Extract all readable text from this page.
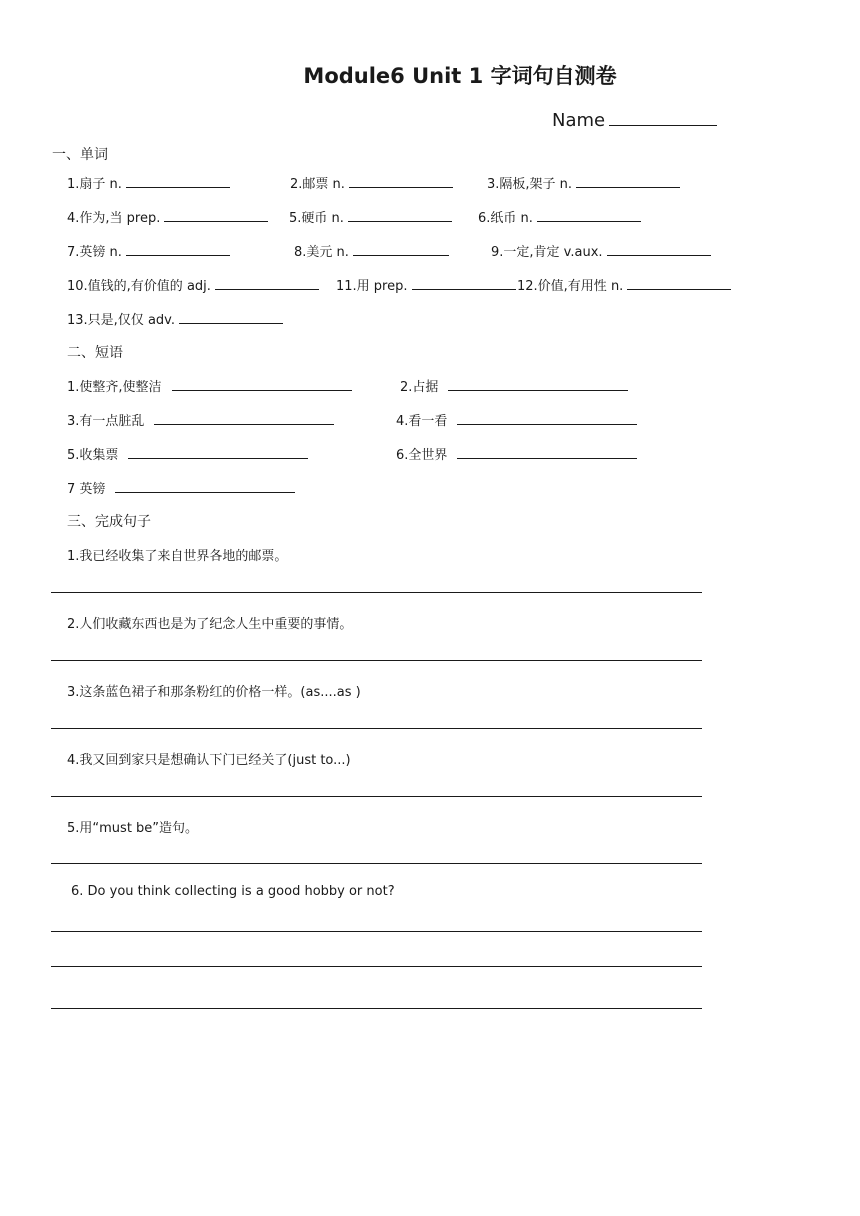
Module6 Unit 1 字词句自测卷
Name
一、单词
1.扇子 n.	2.邮票 n.	3.隔板,架子 n.
4.作为,当 prep.	5.硬币 n.	6.纸币 n.
7.英镑 n.	8.美元 n.	9.一定,肯定 v.aux.
10.值钱的,有价值的 adj.	11.用 prep.	12.价值,有用性 n.
13.只是,仅仅 adv.
二、短语
1.使整齐,使整洁	2.占据
3.有一点脏乱	4.看一看
5.收集票	6.全世界
7 英镑
三、完成句子
1.我已经收集了来自世界各地的邮票。
2.人们收藏东西也是为了纪念人生中重要的事情。
3.这条蓝色裙子和那条粉红的价格一样。(as....as )
4.我又回到家只是想确认下门已经关了(just to...)
5.用“must be”造句。
6. Do you think collecting is a good hobby or not?
